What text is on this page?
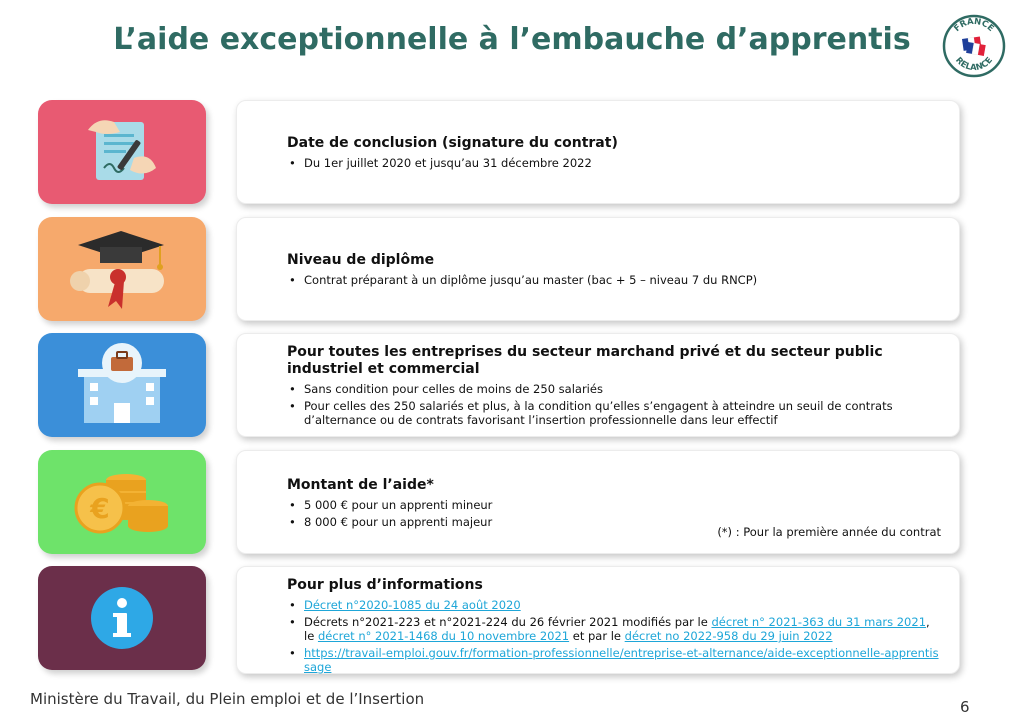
L’aide exceptionnelle à l’embauche d’apprentis	FRANCE
RELANCE
Date de conclusion (signature du contrat)
• Du 1er juillet 2020 et jusqu’au 31 décembre 2022
Niveau de diplôme
• Contrat préparant à un diplôme jusqu’au master (bac + 5 – niveau 7 du RNCP)
Pour toutes les entreprises du secteur marchand privé et du secteur public industriel et commercial
• Sans condition pour celles de moins de 250 salariés
• Pour celles des 250 salariés et plus, à la condition qu’elles s’engagent à atteindre un seuil de contrats d’alternance ou de contrats favorisant l’insertion professionnelle dans leur effectif
€
Montant de l’aide*
• 5 000 € pour un apprenti mineur
• 8 000 € pour un apprenti majeur
(*) : Pour la première année du contrat
Pour plus d’informations
• Décret n°2020-1085 du 24 août 2020
• Décrets n°2021-223 et n°2021-224 du 26 février 2021 modifiés par le décret n° 2021-363 du 31 mars 2021, le décret n° 2021-1468 du 10 novembre 2021 et par le décret no 2022-958 du 29 juin 2022
• https://travail-emploi.gouv.fr/formation-professionnelle/entreprise-et-alternance/aide-exceptionnelle-apprentissage
Ministère du Travail, du Plein emploi et de l’Insertion	6
